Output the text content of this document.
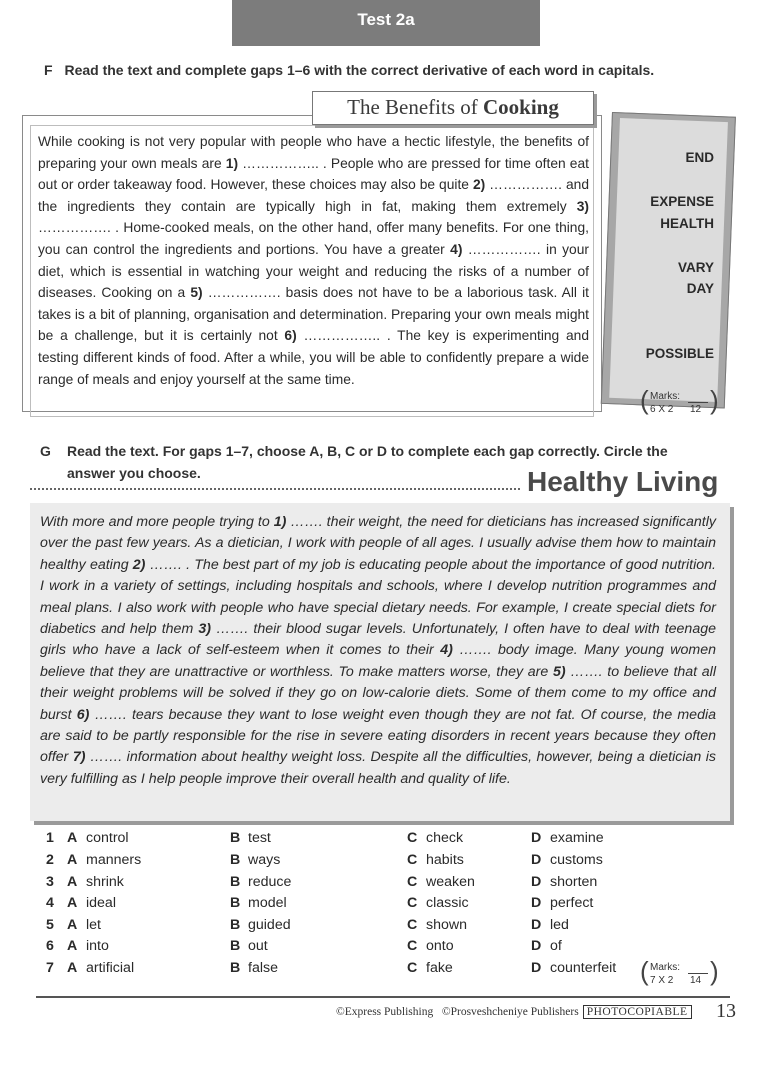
Test 2a
F Read the text and complete gaps 1–6 with the correct derivative of each word in capitals.
The Benefits of Cooking
While cooking is not very popular with people who have a hectic lifestyle, the benefits of preparing your own meals are 1) …………….. . People who are pressed for time often eat out or order takeaway food. However, these choices may also be quite 2) ……………. and the ingredients they contain are typically high in fat, making them extremely 3) ……………. . Home-cooked meals, on the other hand, offer many benefits. For one thing, you can control the ingredients and portions. You have a greater 4) ……………. in your diet, which is essential in watching your weight and reducing the risks of a number of diseases. Cooking on a 5) ……………. basis does not have to be a laborious task. All it takes is a bit of planning, organisation and determination. Preparing your own meals might be a challenge, but it is certainly not 6) …………….. . The key is experimenting and testing different kinds of food. After a while, you will be able to confidently prepare a wide range of meals and enjoy yourself at the same time.
END
EXPENSE
HEALTH
VARY
DAY
POSSIBLE
( Marks:
6 X 2 12 )
G Read the text. For gaps 1–7, choose A, B, C or D to complete each gap correctly. Circle the answer you choose.	Healthy Living
With more and more people trying to 1) ……. their weight, the need for dieticians has increased significantly over the past few years. As a dietician, I work with people of all ages. I usually advise them how to maintain healthy eating 2) ……. . The best part of my job is educating people about the importance of good nutrition. I work in a variety of settings, including hospitals and schools, where I develop nutrition programmes and meal plans. I also work with people who have special dietary needs. For example, I create special diets for diabetics and help them 3) ……. their blood sugar levels. Unfortunately, I often have to deal with teenage girls who have a lack of self-esteem when it comes to their 4) ……. body image. Many young women believe that they are unattractive or worthless. To make matters worse, they are 5) ……. to believe that all their weight problems will be solved if they go on low-calorie diets. Some of them come to my office and burst 6) ……. tears because they want to lose weight even though they are not fat. Of course, the media are said to be partly responsible for the rise in severe eating disorders in recent years because they often offer 7) ……. information about healthy weight loss. Despite all the difficulties, however, being a dietician is very fulfilling as I help people improve their overall health and quality of life.
1 A control	B test	C check	D examine
2 A manners	B ways	C habits	D customs
3 A shrink	B reduce	C weaken	D shorten
4 A ideal	B model	C classic	D perfect
5 A let	B guided	C shown	D led
6 A into	B out	C onto	D of
7 A artificial	B false	C fake	D counterfeit ( Marks:
7 X 2 14 )
©Express Publishing ©Prosveshcheniye Publishers PHOTOCOPIABLE 13
